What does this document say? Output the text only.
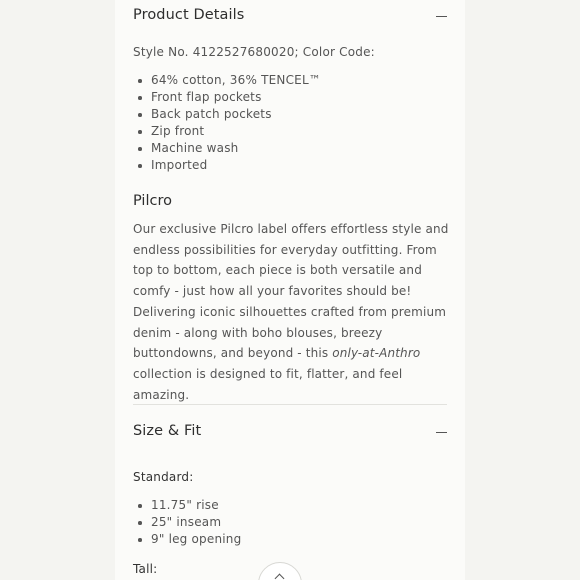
Product Details
Style No. 4122527680020; Color Code:
64% cotton, 36% TENCEL™
Front flap pockets
Back patch pockets
Zip front
Machine wash
Imported
Pilcro
Our exclusive Pilcro label offers effortless style and endless possibilities for everyday outfitting. From top to bottom, each piece is both versatile and comfy - just how all your favorites should be! Delivering iconic silhouettes crafted from premium denim - along with boho blouses, breezy buttondowns, and beyond - this only-at-Anthro collection is designed to fit, flatter, and feel amazing.
Size & Fit
Standard:
11.75" rise
25" inseam
9" leg opening
Tall:
